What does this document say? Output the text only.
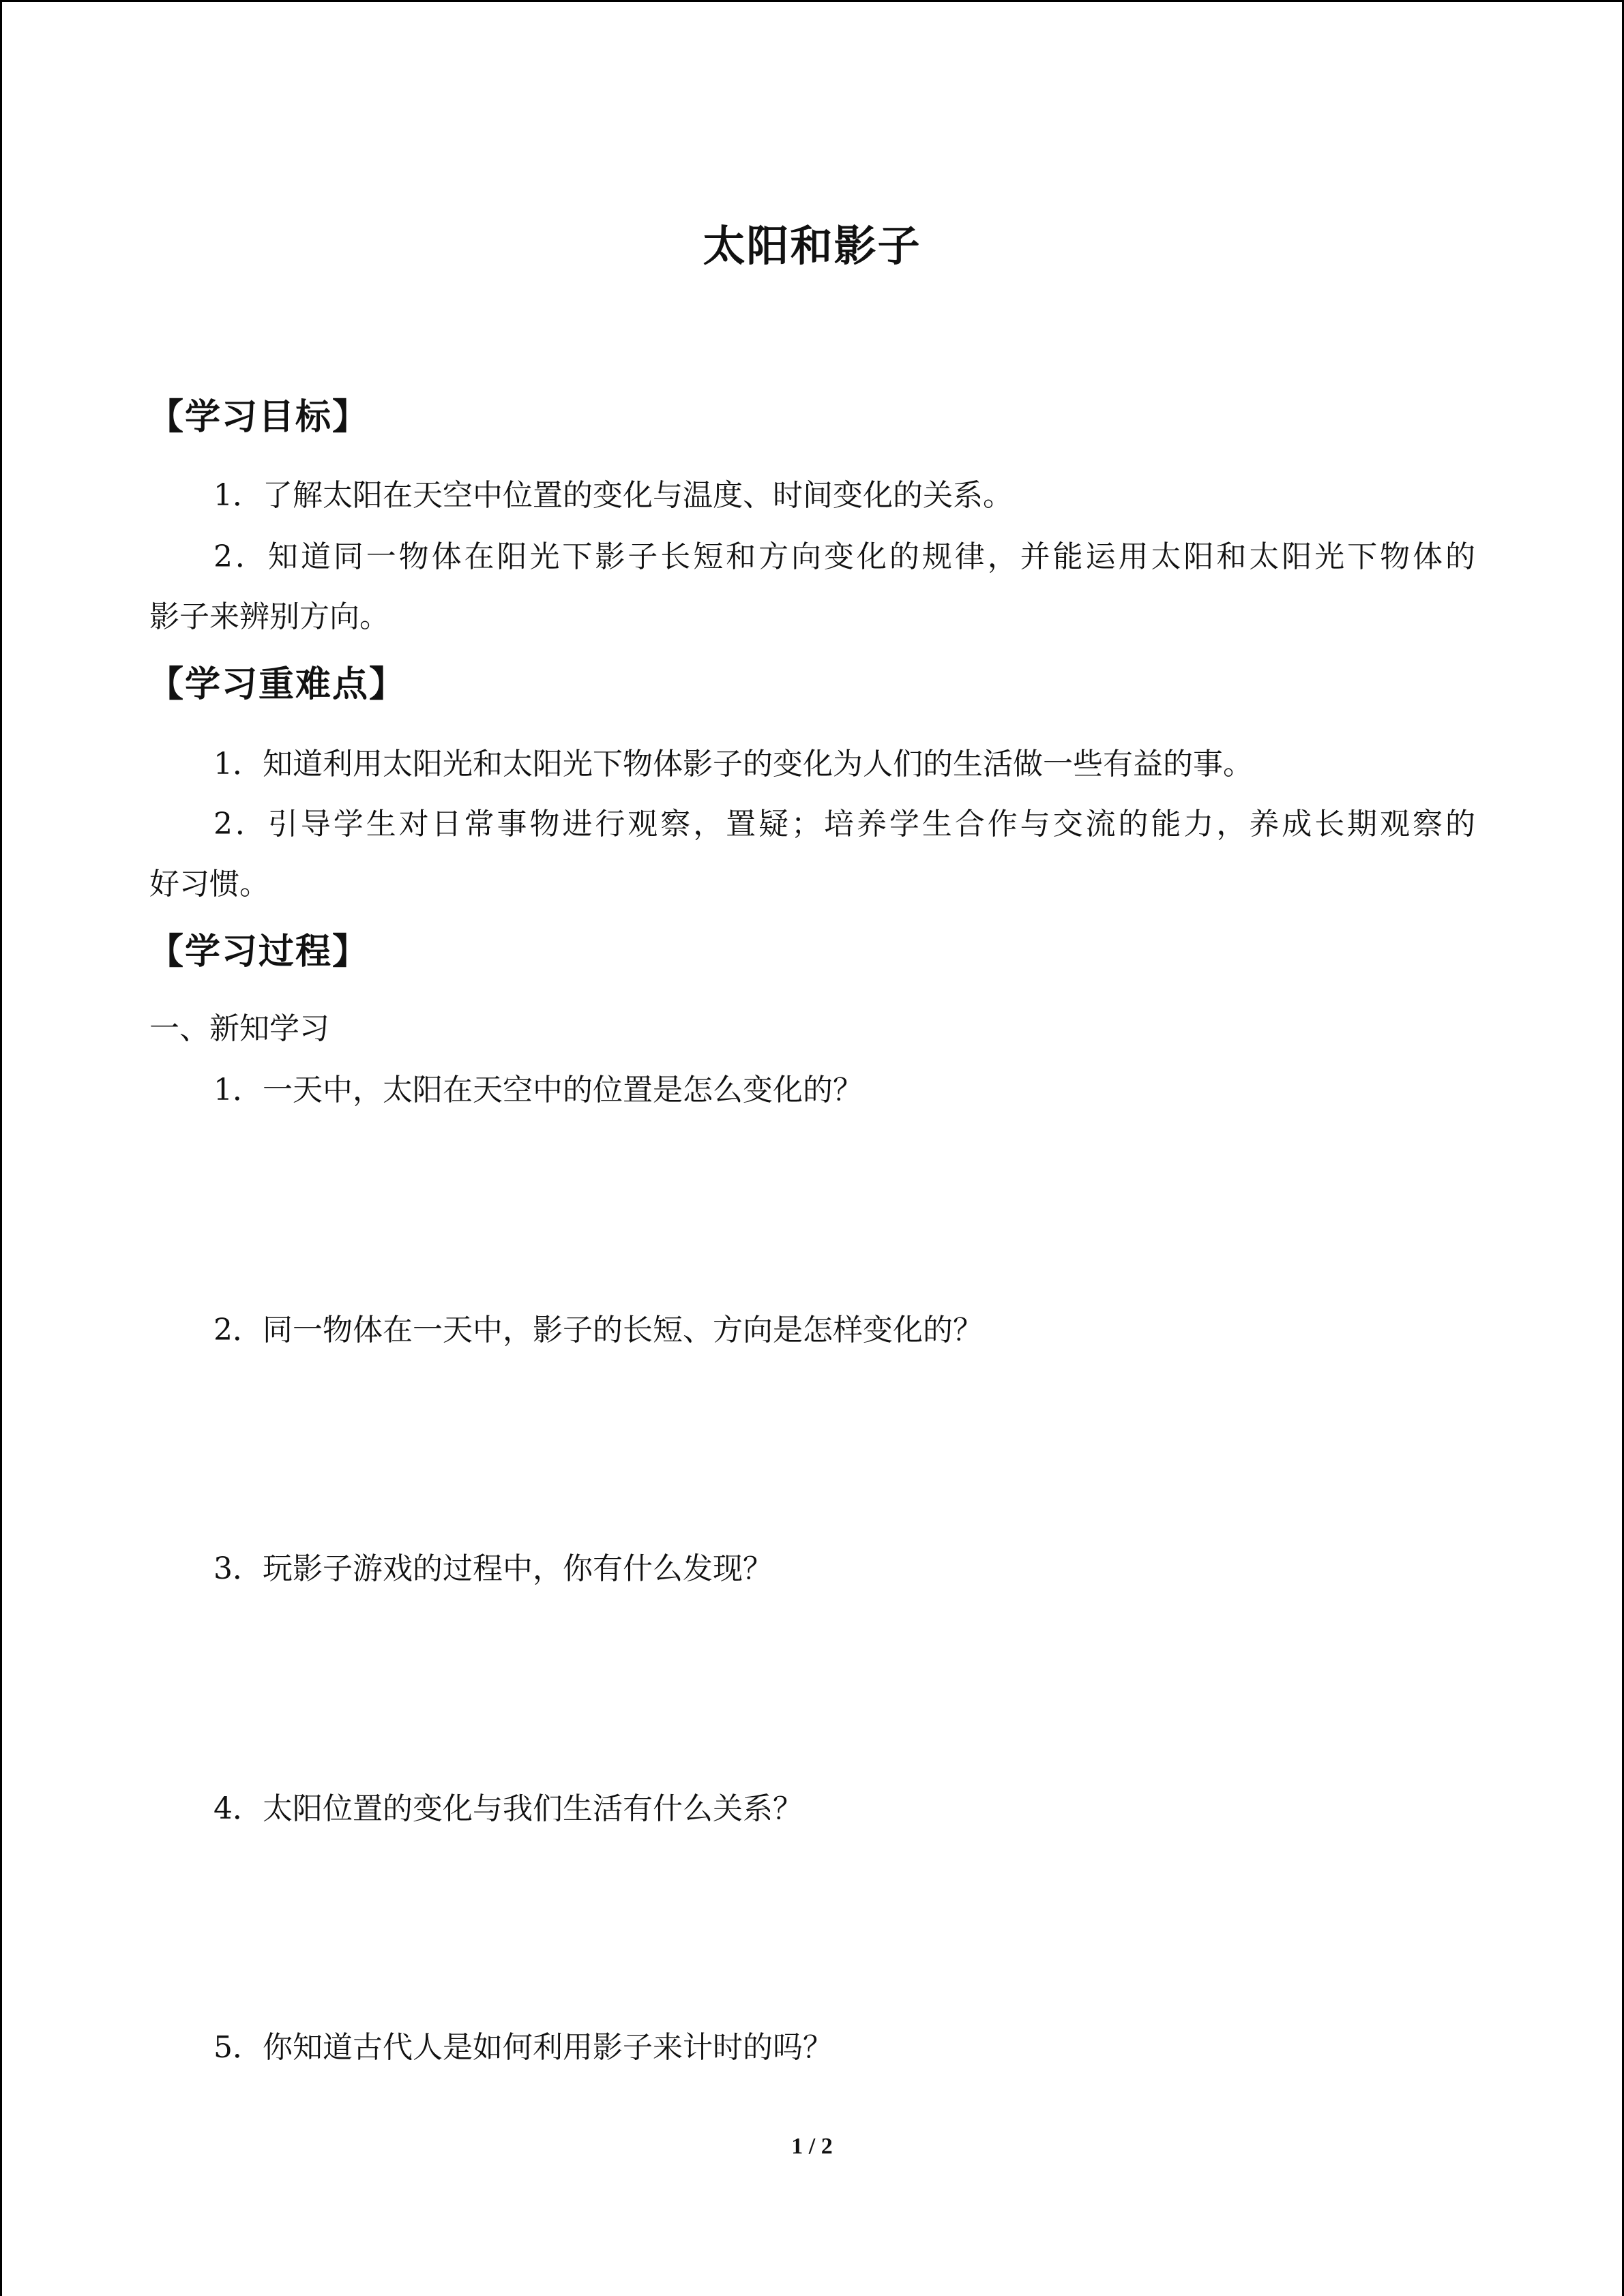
太阳和影子
【学习目标】

1．了解太阳在天空中位置的变化与温度、时间变化的关系。

2．知道同一物体在阳光下影子长短和方向变化的规律，并能运用太阳和太阳光下物体的

影子来辨别方向。

【学习重难点】

1．知道利用太阳光和太阳光下物体影子的变化为人们的生活做一些有益的事。

2．引导学生对日常事物进行观察，置疑；培养学生合作与交流的能力，养成长期观察的

好习惯。

【学习过程】

一、新知学习

1．一天中，太阳在天空中的位置是怎么变化的？

2．同一物体在一天中，影子的长短、方向是怎样变化的？

3．玩影子游戏的过程中，你有什么发现？

4．太阳位置的变化与我们生活有什么关系？

5．你知道古代人是如何利用影子来计时的吗？

1 / 2
